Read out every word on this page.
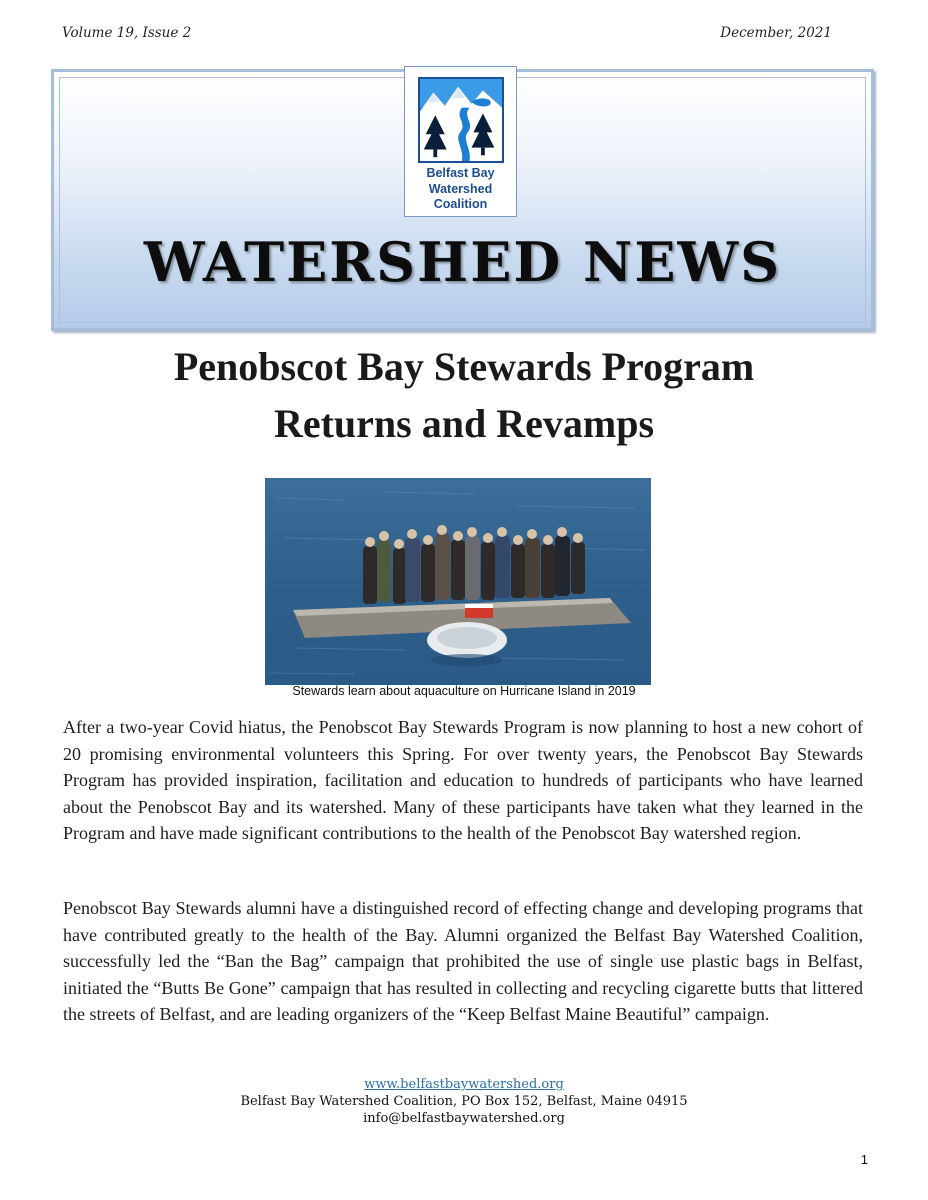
Volume 19, Issue 2	December, 2021
Belfast Bay
Watershed
Coalition
WATERSHED NEWS
Penobscot Bay Stewards Program
Returns and Revamps
Stewards learn about aquaculture on Hurricane Island in 2019

After a two-year Covid hiatus, the Penobscot Bay Stewards Program is now planning to host a new cohort of 20 promising environmental volunteers this Spring. For over twenty years, the Penobscot Bay Stewards Program has provided inspiration, facilitation and education to hundreds of participants who have learned about the Penobscot Bay and its watershed. Many of these participants have taken what they learned in the Program and have made significant contributions to the health of the Penobscot Bay watershed region.

Penobscot Bay Stewards alumni have a distinguished record of effecting change and developing programs that have contributed greatly to the health of the Bay. Alumni organized the Belfast Bay Watershed Coalition, successfully led the “Ban the Bag” campaign that prohibited the use of single use plastic bags in Belfast, initiated the “Butts Be Gone” campaign that has resulted in collecting and recycling cigarette butts that littered the streets of Belfast, and are leading organizers of the “Keep Belfast Maine Beautiful” campaign.

www.belfastbaywatershed.org
Belfast Bay Watershed Coalition, PO Box 152, Belfast, Maine 04915
info@belfastbaywatershed.org
1
